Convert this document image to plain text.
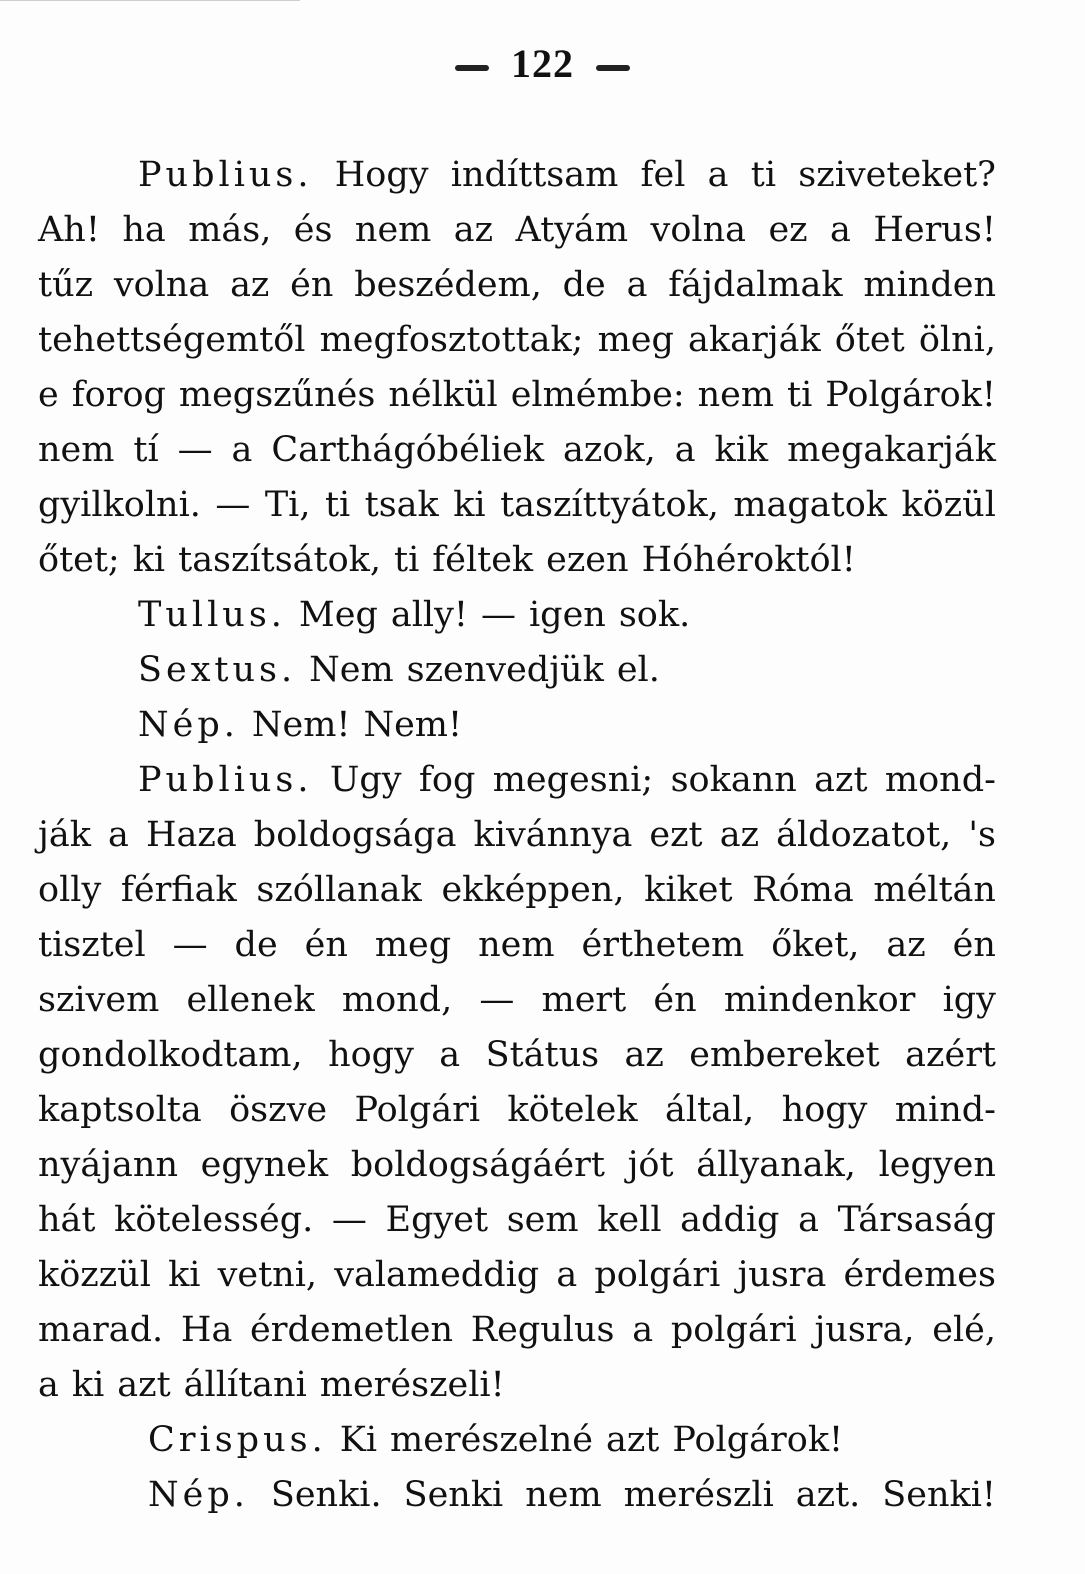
122
Publius. Hogy indíttsam fel a ti sziveteket?
Ah! ha más, és nem az Atyám volna ez a Herus!
tűz volna az én beszédem, de a fájdalmak minden
tehettségemtől megfosztottak; meg akarják őtet ölni,
e forog megszűnés nélkül elmémbe: nem ti Polgárok!
nem tí — a Carthágóbéliek azok, a kik megakarják
gyilkolni. — Ti, ti tsak ki taszíttyátok, magatok közül
őtet; ki taszítsátok, ti féltek ezen Hóhéroktól!
Tullus. Meg ally! — igen sok.
Sextus. Nem szenvedjük el.
Nép. Nem! Nem!
Publius. Ugy fog megesni; sokann azt mond-
ják a Haza boldogsága kivánnya ezt az áldozatot, 's
olly férfiak szóllanak ekképpen, kiket Róma méltán
tisztel — de én meg nem érthetem őket, az én
szivem ellenek mond, — mert én mindenkor igy
gondolkodtam, hogy a Státus az embereket azért
kaptsolta öszve Polgári kötelek által, hogy mind-
nyájann egynek boldogságáért jót állyanak, legyen
hát kötelesség. — Egyet sem kell addig a Társaság
közzül ki vetni, valameddig a polgári jusra érdemes
marad. Ha érdemetlen Regulus a polgári jusra, elé,
a ki azt állítani merészeli!
Crispus. Ki merészelné azt Polgárok!
Nép. Senki. Senki nem merészli azt. Senki!
